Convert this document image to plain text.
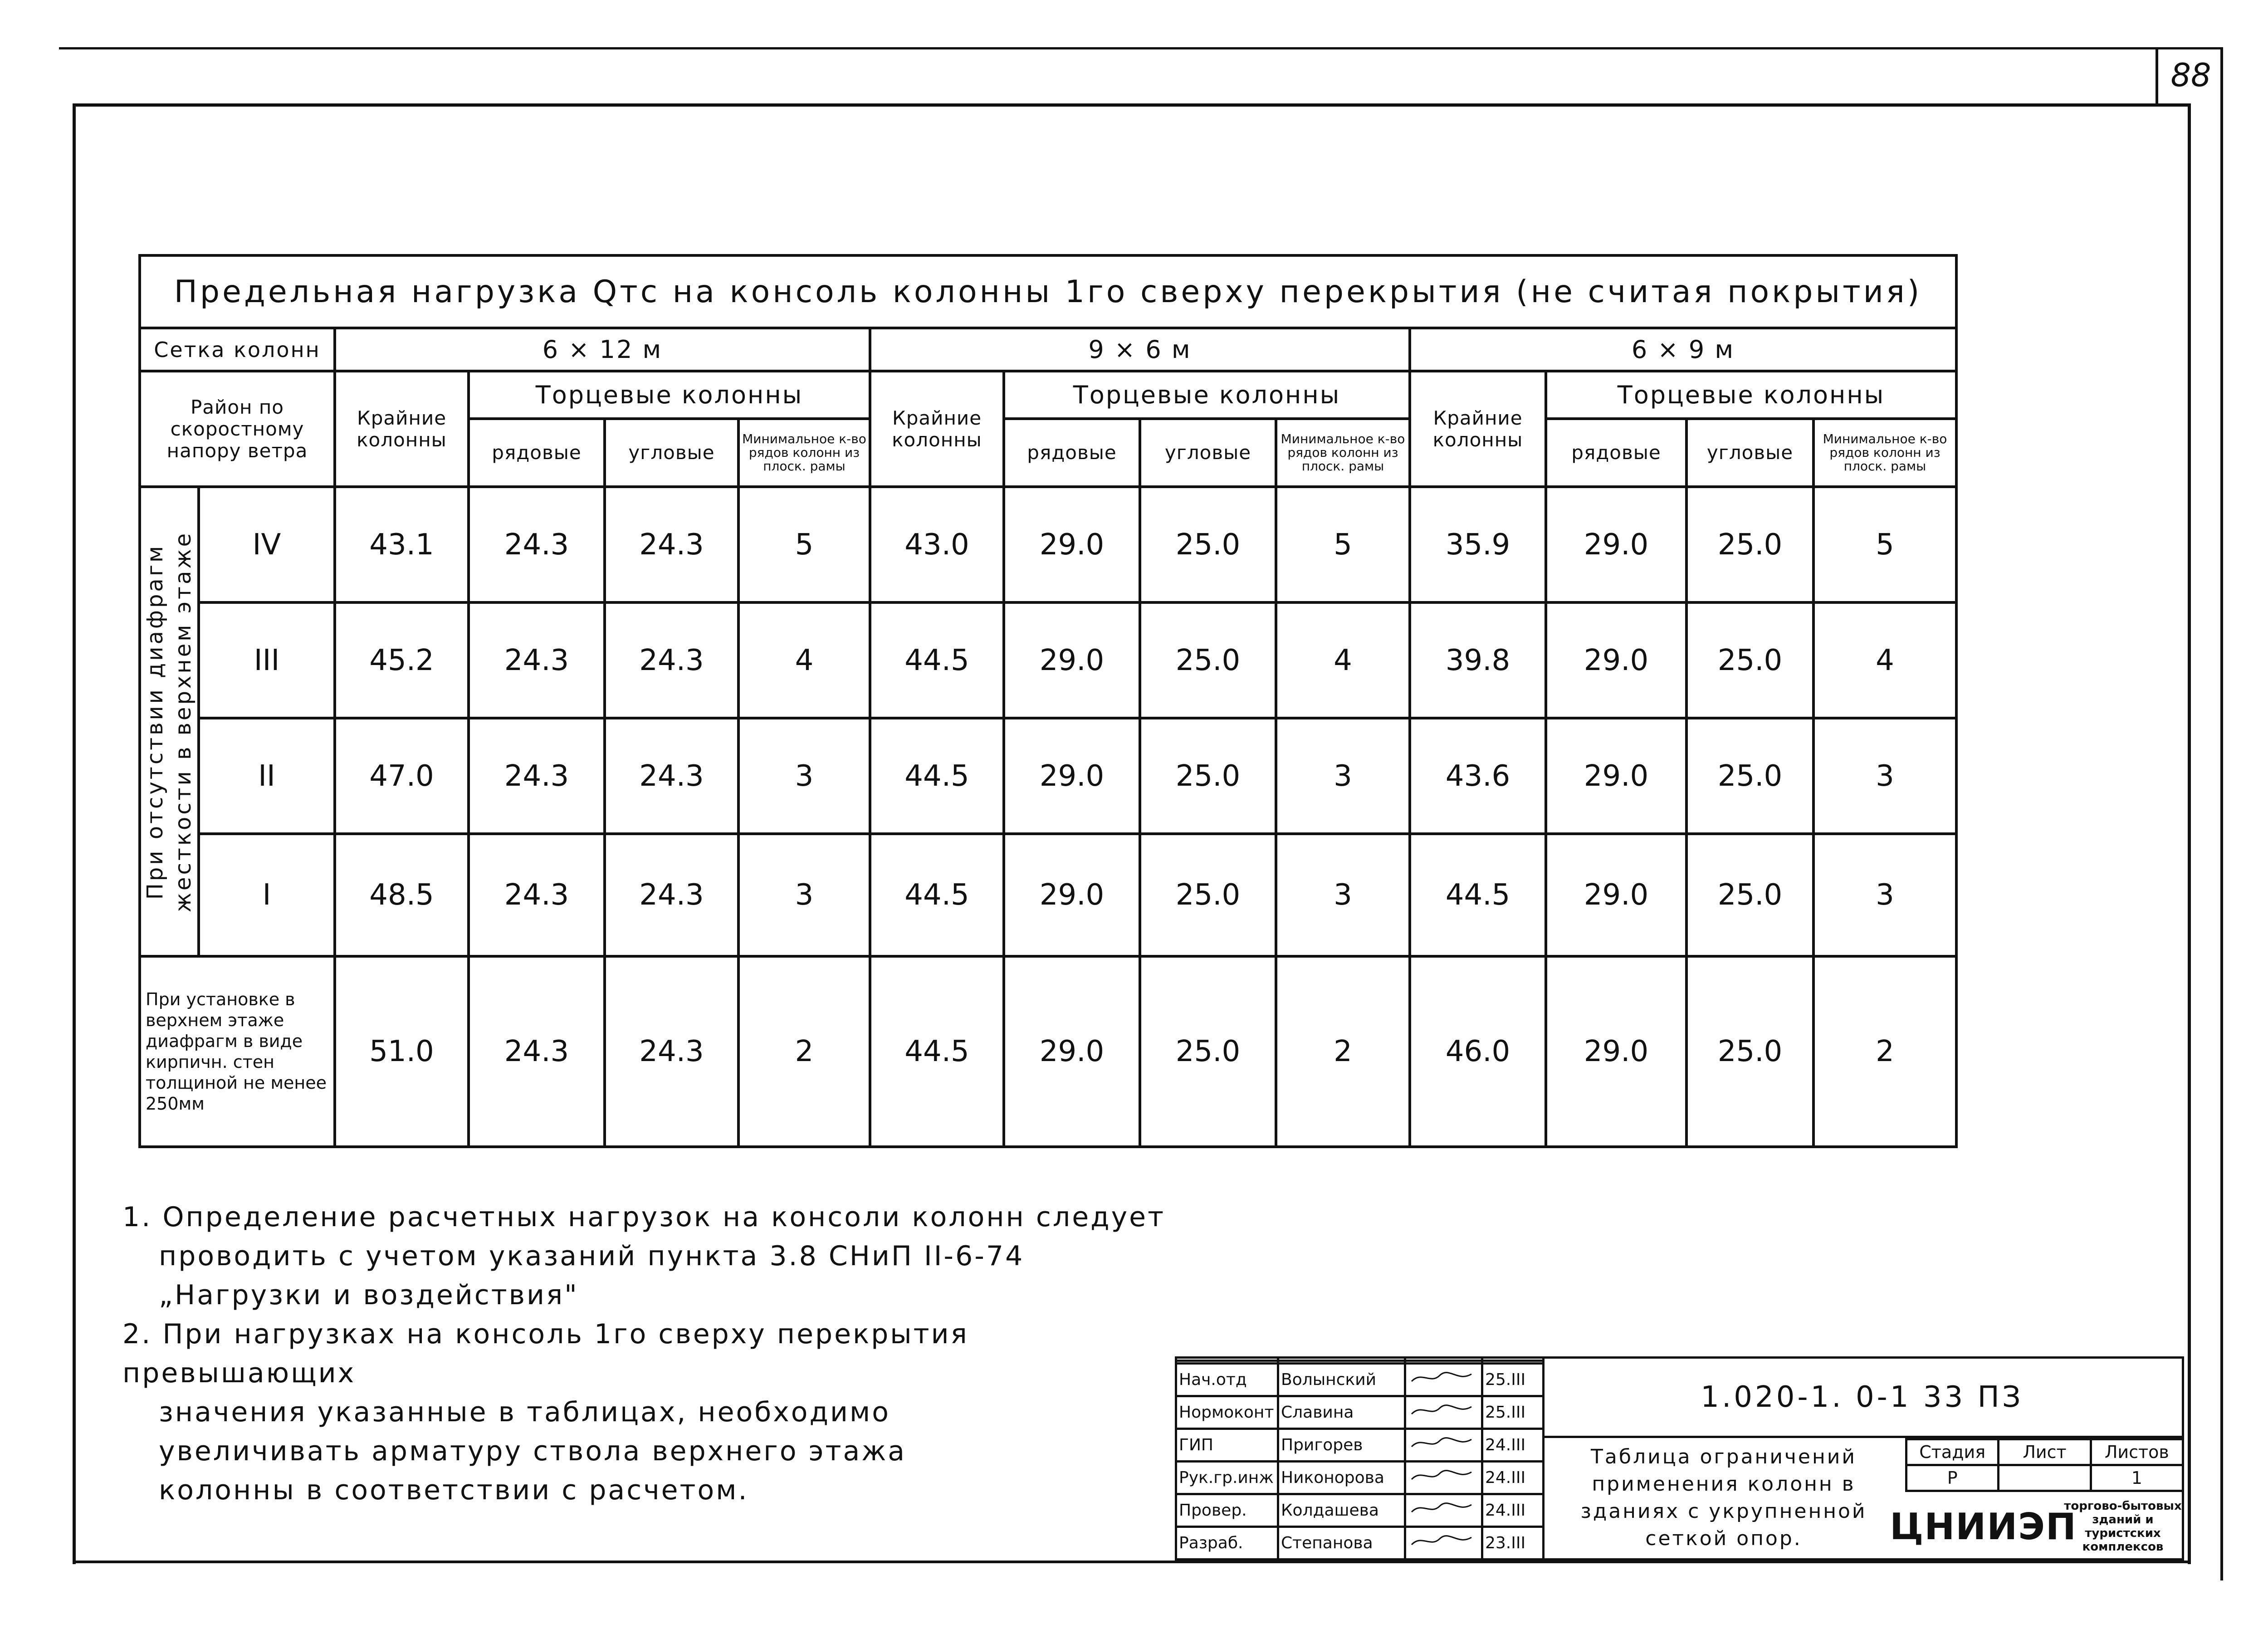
88
Предельная нагрузка Qтс на консоль колонны 1го сверху перекрытия (не считая покрытия)													
Сетка колонн		6 × 12 м				9 × 6 м				6 × 9 м			
Район по скоростному напору ветра		Крайние колонны	Торцевые колонны			Крайние колонны	Торцевые колонны			Крайние колонны	Торцевые колонны		
			рядовые	угловые	Минимальное к-во рядов колонн из плоск. рамы		рядовые	угловые	Минимальное к-во рядов колонн из плоск. рамы		рядовые	угловые	Минимальное к-во рядов колонн из плоск. рамы

При отсутствии диафрагм жесткости в верхнем этаже	IV	43.1	24.3	24.3	5	43.0	29.0	25.0	5	35.9	29.0	25.0	5
	III	45.2	24.3	24.3	4	44.5	29.0	25.0	4	39.8	29.0	25.0	4
	II	47.0	24.3	24.3	3	44.5	29.0	25.0	3	43.6	29.0	25.0	3
	I	48.5	24.3	24.3	3	44.5	29.0	25.0	3	44.5	29.0	25.0	3
При установке в верхнем этаже диафрагм в виде кирпичн. стен толщиной не менее 250мм		51.0	24.3	24.3	2	44.5	29.0	25.0	2	46.0	29.0	25.0	2

1. Определение расчетных нагрузок на консоли колонн следует

проводить с учетом указаний пункта 3.8 СНиП II-6-74

„Нагрузки и воздействия"

2. При нагрузках на консоль 1го сверху перекрытия превышающих

значения указанные в таблицах, необходимо

увеличивать арматуру ствола верхнего этажа

колонны в соответствии с расчетом.

Нач.отд	Волынский		25.III
Нормоконт	Славина		25.III
ГИП	Пригорев		24.III
Рук.гр.инж	Никонорова		24.III
Провер.	Колдашева		24.III
Разраб.	Степанова		23.III
1.020-1. 0-1 33 ПЗ
Таблица ограничений применения колонн в зданиях с укрупненной сеткой опор.
Стадия	Лист	Листов
Р		1
ЦНИИЭП
торгово-бытовых зданий и туристских комплексов
